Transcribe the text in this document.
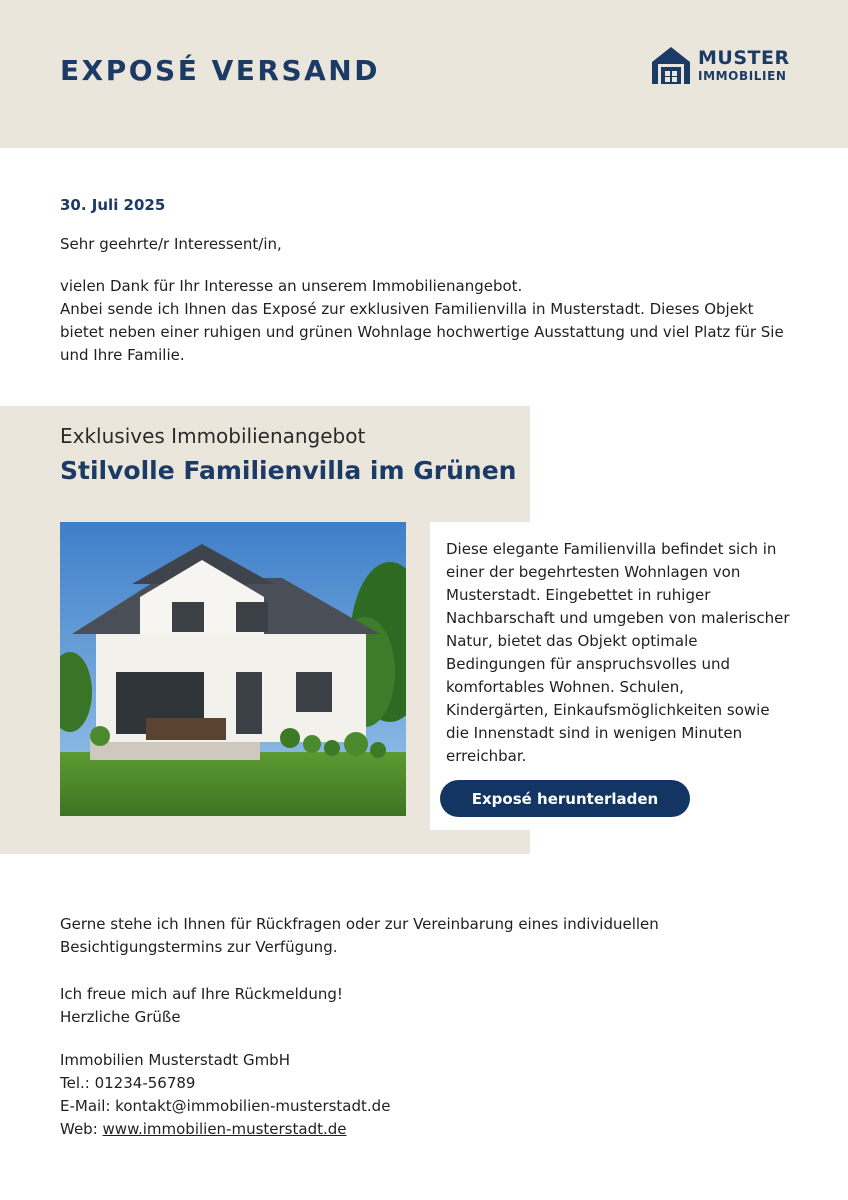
EXPOSÉ VERSAND	MUSTER
IMMOBILIEN
30. Juli 2025
Sehr geehrte/r Interessent/in,

vielen Dank für Ihr Interesse an unserem Immobilienangebot.

Anbei sende ich Ihnen das Exposé zur exklusiven Familienvilla in Musterstadt. Dieses Objekt bietet neben einer ruhigen und grünen Wohnlage hochwertige Ausstattung und viel Platz für Sie und Ihre Familie.

Exklusives Immobilienangebot
Stilvolle Familienvilla im Grünen
Diese elegante Familienvilla befindet sich in einer der begehrtesten Wohnlagen von Musterstadt. Eingebettet in ruhiger Nachbarschaft und umgeben von malerischer Natur, bietet das Objekt optimale Bedingungen für anspruchsvolles und komfortables Wohnen. Schulen, Kindergärten, Einkaufsmöglichkeiten sowie die Innenstadt sind in wenigen Minuten erreichbar.
Exposé herunterladen

Gerne stehe ich Ihnen für Rückfragen oder zur Vereinbarung eines individuellen Besichtigungstermins zur Verfügung.

Ich freue mich auf Ihre Rückmeldung!
Herzliche Grüße
Immobilien Musterstadt GmbH
Tel.: 01234-56789
E-Mail: kontakt@immobilien-musterstadt.de
Web: www.immobilien-musterstadt.de
